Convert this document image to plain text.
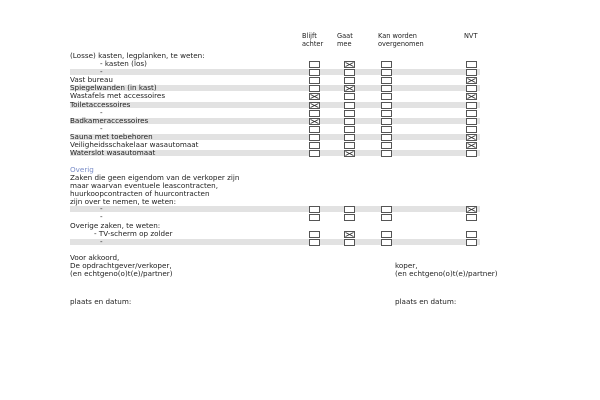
Blijft
achter
Gaat
mee
Kan worden
overgenomen
NVT
(Losse) kasten, legplanken, te weten:
- kasten (los)
-
Vast bureau
Spiegelwanden (in kast)
Wastafels met accessoires
Toiletaccessoires
-
Badkameraccessoires
-
Sauna met toebehoren
Veiligheidsschakelaar wasautomaat
Waterslot wasautomaat
Overig
Zaken die geen eigendom van de verkoper zijn
maar waarvan eventuele leascontracten,
huurkoopcontracten of huurcontracten
zijn over te nemen, te weten:
-
-
Overige zaken, te weten:
- TV-scherm op zolder
-
Voor akkoord,
De opdrachtgever/verkoper,
(en echtgeno(o)t(e)/partner)
koper,
(en echtgeno(o)t(e)/partner)
plaats en datum:	plaats en datum:
